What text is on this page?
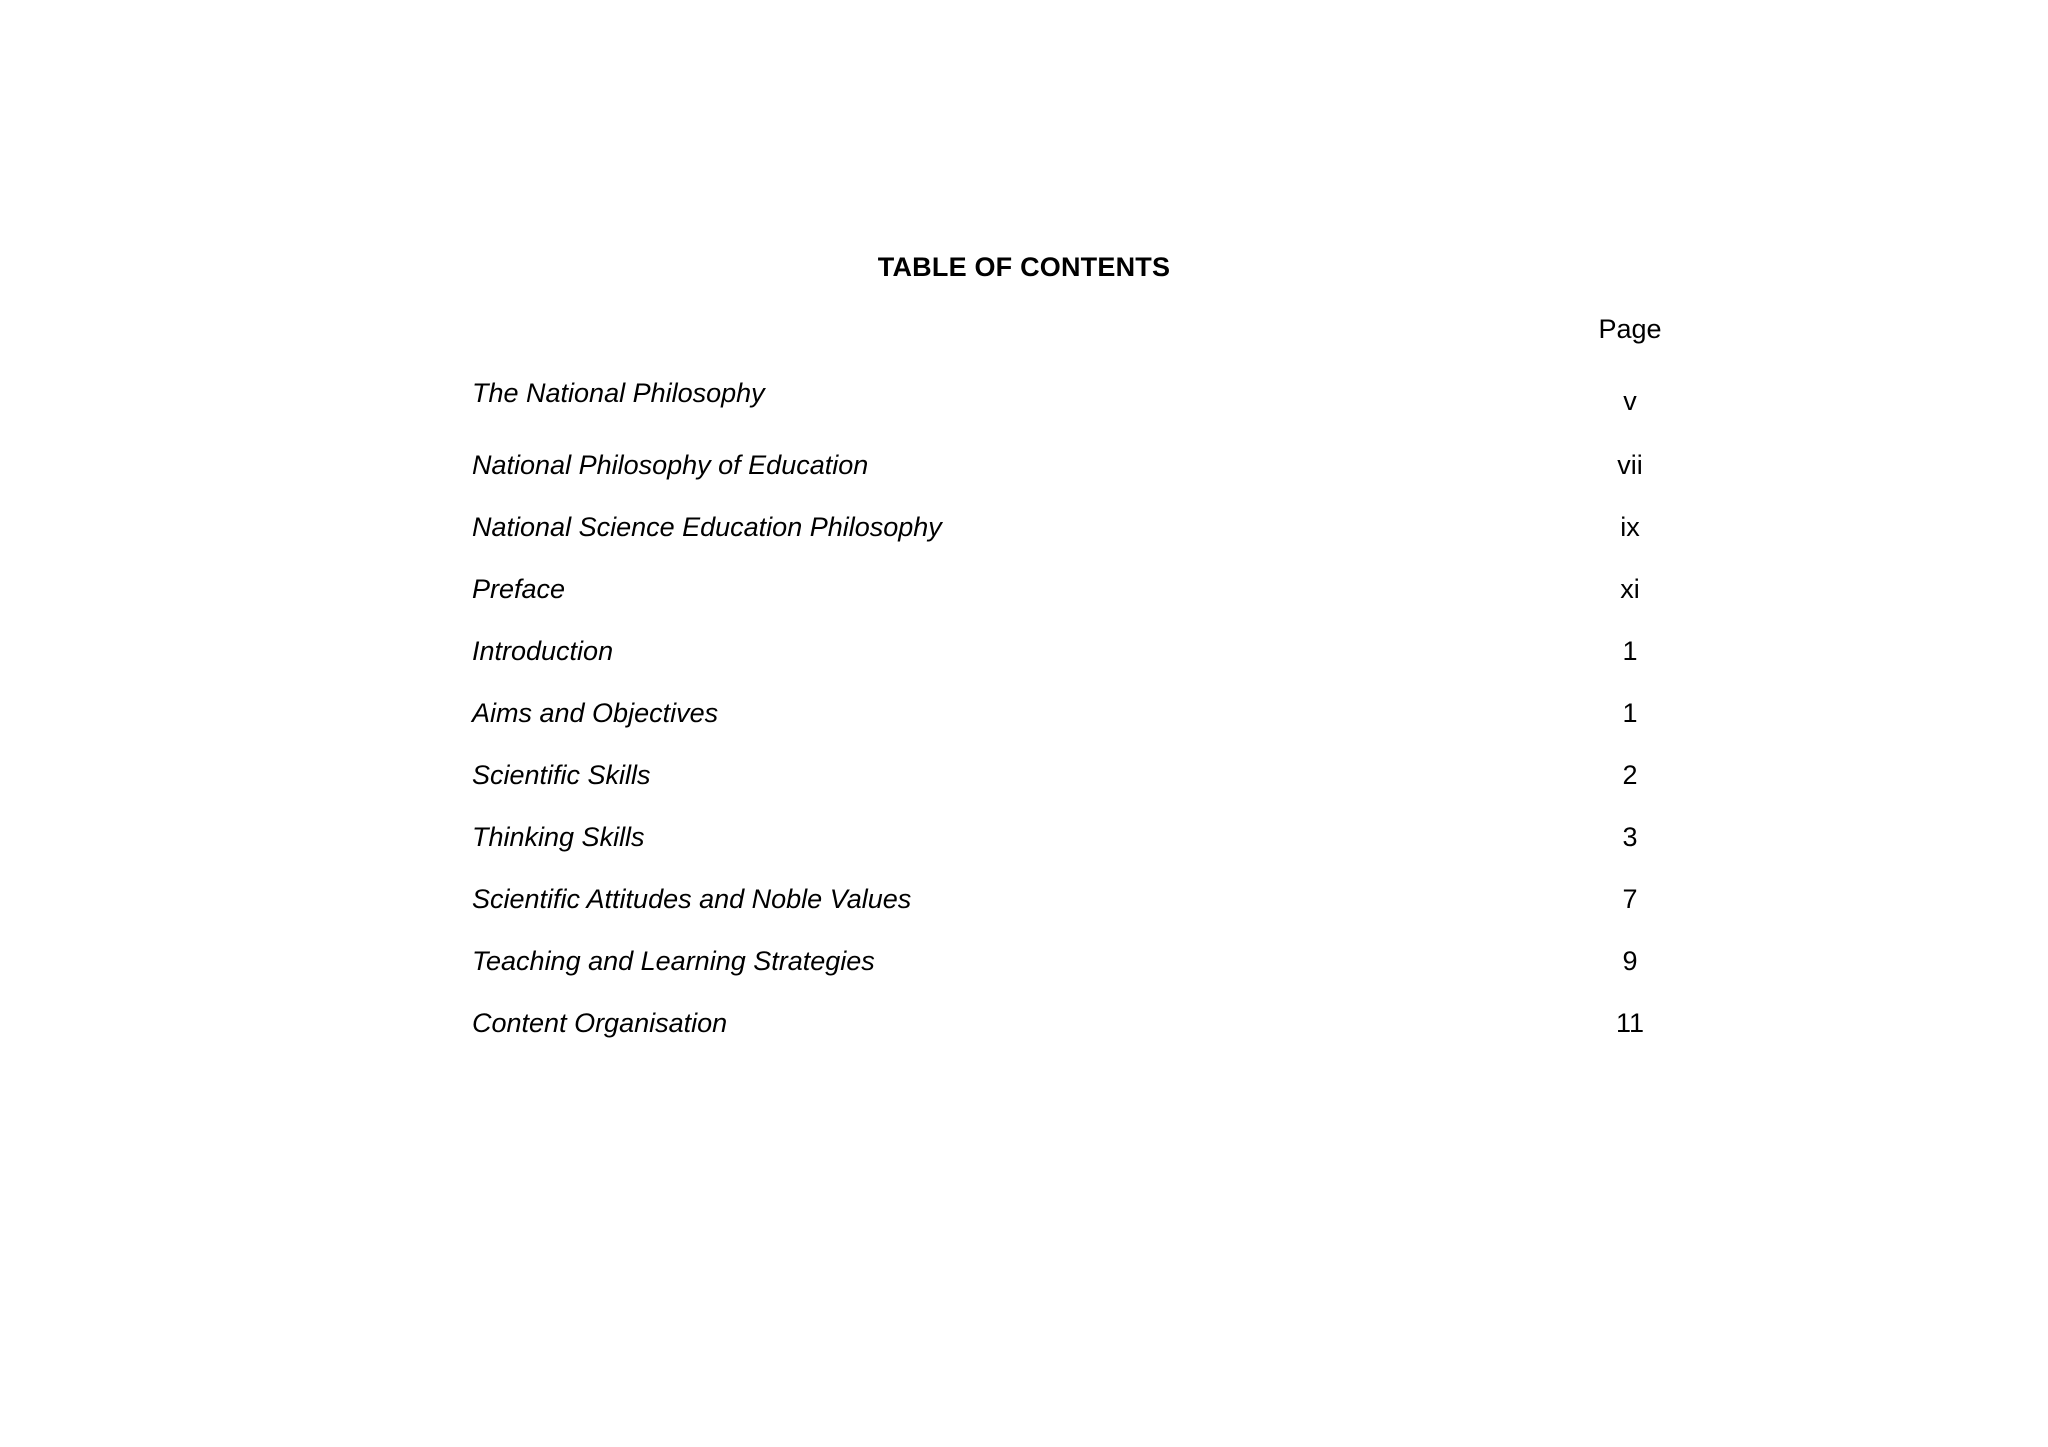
TABLE OF CONTENTS
Page
The National Philosophy	v
National Philosophy of Education	vii
National Science Education Philosophy	ix
Preface	xi
Introduction	1
Aims and Objectives	1
Scientific Skills	2
Thinking Skills	3
Scientific Attitudes and Noble Values	7
Teaching and Learning Strategies	9
Content Organisation	11
